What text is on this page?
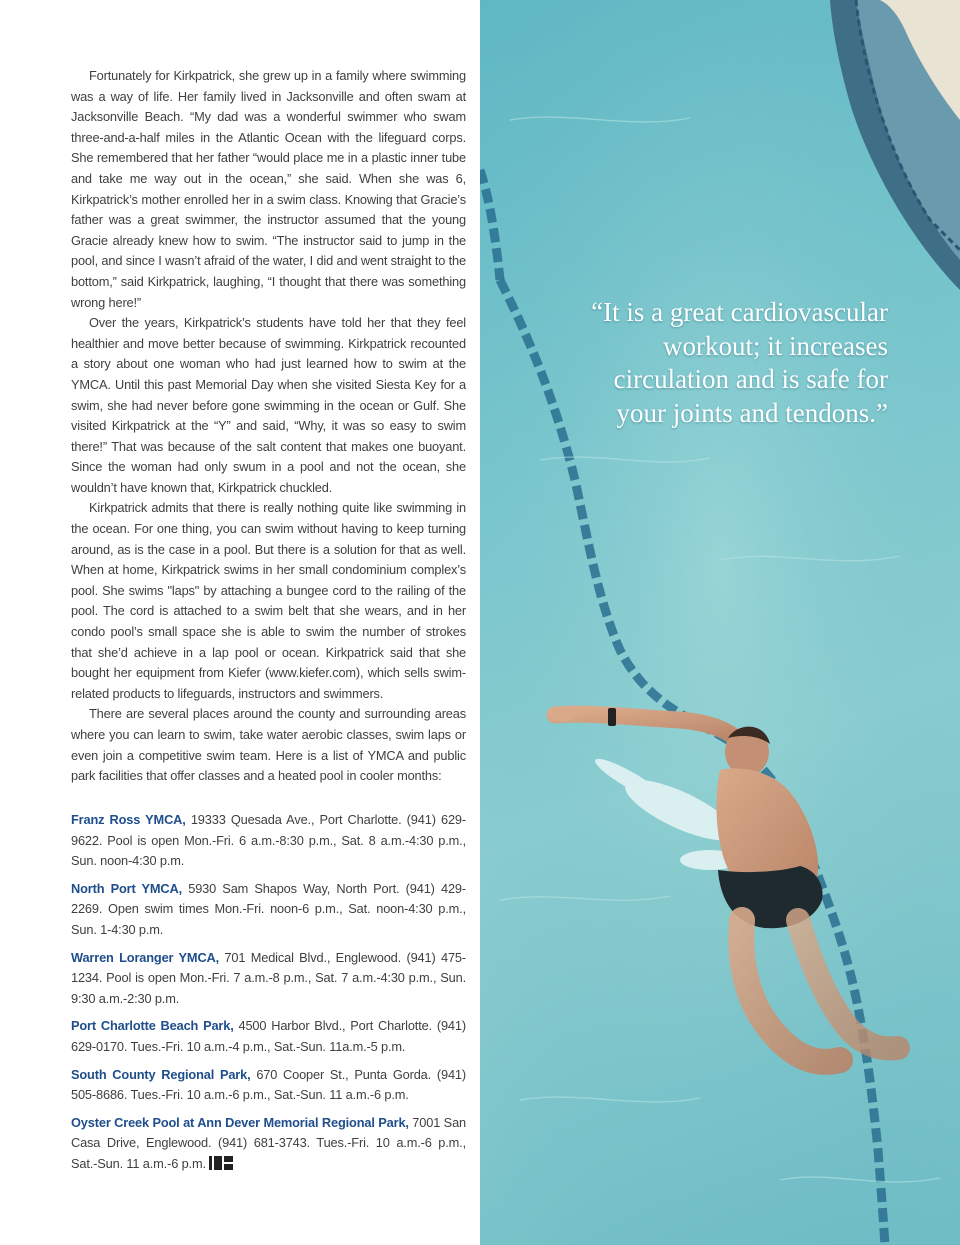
Fortunately for Kirkpatrick, she grew up in a family where swimming was a way of life. Her family lived in Jacksonville and often swam at Jacksonville Beach. “My dad was a wonderful swimmer who swam three-and-a-half miles in the Atlantic Ocean with the lifeguard corps. She remembered that her father “would place me in a plastic inner tube and take me way out in the ocean,” she said. When she was 6, Kirkpatrick’s mother enrolled her in a swim class. Knowing that Gracie’s father was a great swimmer, the instructor assumed that the young Gracie already knew how to swim. “The instructor said to jump in the pool, and since I wasn’t afraid of the water, I did and went straight to the bottom,” said Kirkpatrick, laughing, “I thought that there was something wrong here!”

Over the years, Kirkpatrick’s students have told her that they feel healthier and move better because of swimming. Kirkpatrick recounted a story about one woman who had just learned how to swim at the YMCA. Until this past Memorial Day when she visited Siesta Key for a swim, she had never before gone swimming in the ocean or Gulf. She visited Kirkpatrick at the “Y” and said, “Why, it was so easy to swim there!” That was because of the salt content that makes one buoyant. Since the woman had only swum in a pool and not the ocean, she wouldn’t have known that, Kirkpatrick chuckled.

Kirkpatrick admits that there is really nothing quite like swimming in the ocean. For one thing, you can swim without having to keep turning around, as is the case in a pool. But there is a solution for that as well. When at home, Kirkpatrick swims in her small condominium complex’s pool. She swims "laps" by attaching a bungee cord to the railing of the pool. The cord is attached to a swim belt that she wears, and in her condo pool’s small space she is able to swim the number of strokes that she’d achieve in a lap pool or ocean. Kirkpatrick said that she bought her equipment from Kiefer (www.kiefer.com), which sells swim-related products to lifeguards, instructors and swimmers.

There are several places around the county and surrounding areas where you can learn to swim, take water aerobic classes, swim laps or even join a competitive swim team. Here is a list of YMCA and public park facilities that offer classes and a heated pool in cooler months:

Franz Ross YMCA, 19333 Quesada Ave., Port Charlotte. (941) 629-9622. Pool is open Mon.-Fri. 6 a.m.-8:30 p.m., Sat. 8 a.m.-4:30 p.m., Sun. noon-4:30 p.m.

North Port YMCA, 5930 Sam Shapos Way, North Port. (941) 429-2269. Open swim times Mon.-Fri. noon-6 p.m., Sat. noon-4:30 p.m., Sun. 1-4:30 p.m.

Warren Loranger YMCA, 701 Medical Blvd., Englewood. (941) 475-1234. Pool is open Mon.-Fri. 7 a.m.-8 p.m., Sat. 7 a.m.-4:30 p.m., Sun. 9:30 a.m.-2:30 p.m.

Port Charlotte Beach Park, 4500 Harbor Blvd., Port Charlotte. (941) 629-0170. Tues.-Fri. 10 a.m.-4 p.m., Sat.-Sun. 11a.m.-5 p.m.

South County Regional Park, 670 Cooper St., Punta Gorda. (941) 505-8686. Tues.-Fri. 10 a.m.-6 p.m., Sat.-Sun. 11 a.m.-6 p.m.

Oyster Creek Pool at Ann Dever Memorial Regional Park, 7001 San Casa Drive, Englewood. (941) 681-3743. Tues.-Fri. 10 a.m.-6 p.m., Sat.-Sun. 11 a.m.-6 p.m.

“It is a great cardiovascular workout; it increases circulation and is safe for your joints and tendons.”
